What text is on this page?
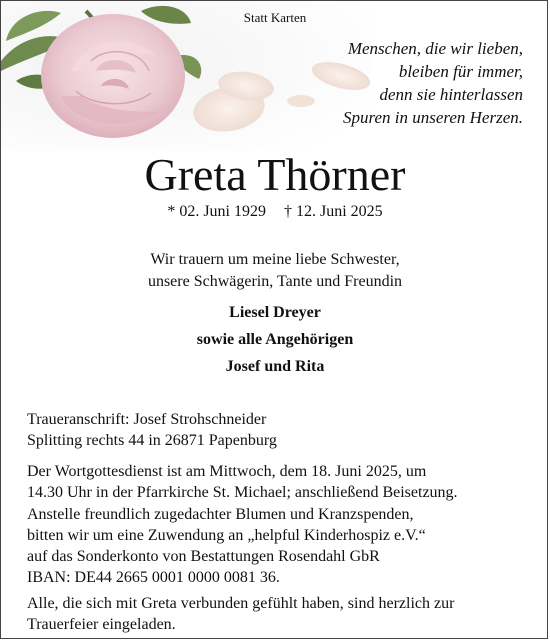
Statt Karten
Menschen, die wir lieben,
bleiben für immer,
denn sie hinterlassen
Spuren in unseren Herzen.
Greta Thörner
* 02. Juni 1929 † 12. Juni 2025
Wir trauern um meine liebe Schwester,
unsere Schwägerin, Tante und Freundin
Liesel Dreyer
sowie alle Angehörigen
Josef und Rita
Traueranschrift: Josef Strohschneider
Splitting rechts 44 in 26871 Papenburg
Der Wortgottesdienst ist am Mittwoch, dem 18. Juni 2025, um
14.30 Uhr in der Pfarrkirche St. Michael; anschließend Beisetzung.
Anstelle freundlich zugedachter Blumen und Kranzspenden,
bitten wir um eine Zuwendung an „helpful Kinderhospiz e.V.“
auf das Sonderkonto von Bestattungen Rosendahl GbR
IBAN: DE44 2665 0001 0000 0081 36.
Alle, die sich mit Greta verbunden gefühlt haben, sind herzlich zur
Trauerfeier eingeladen.
